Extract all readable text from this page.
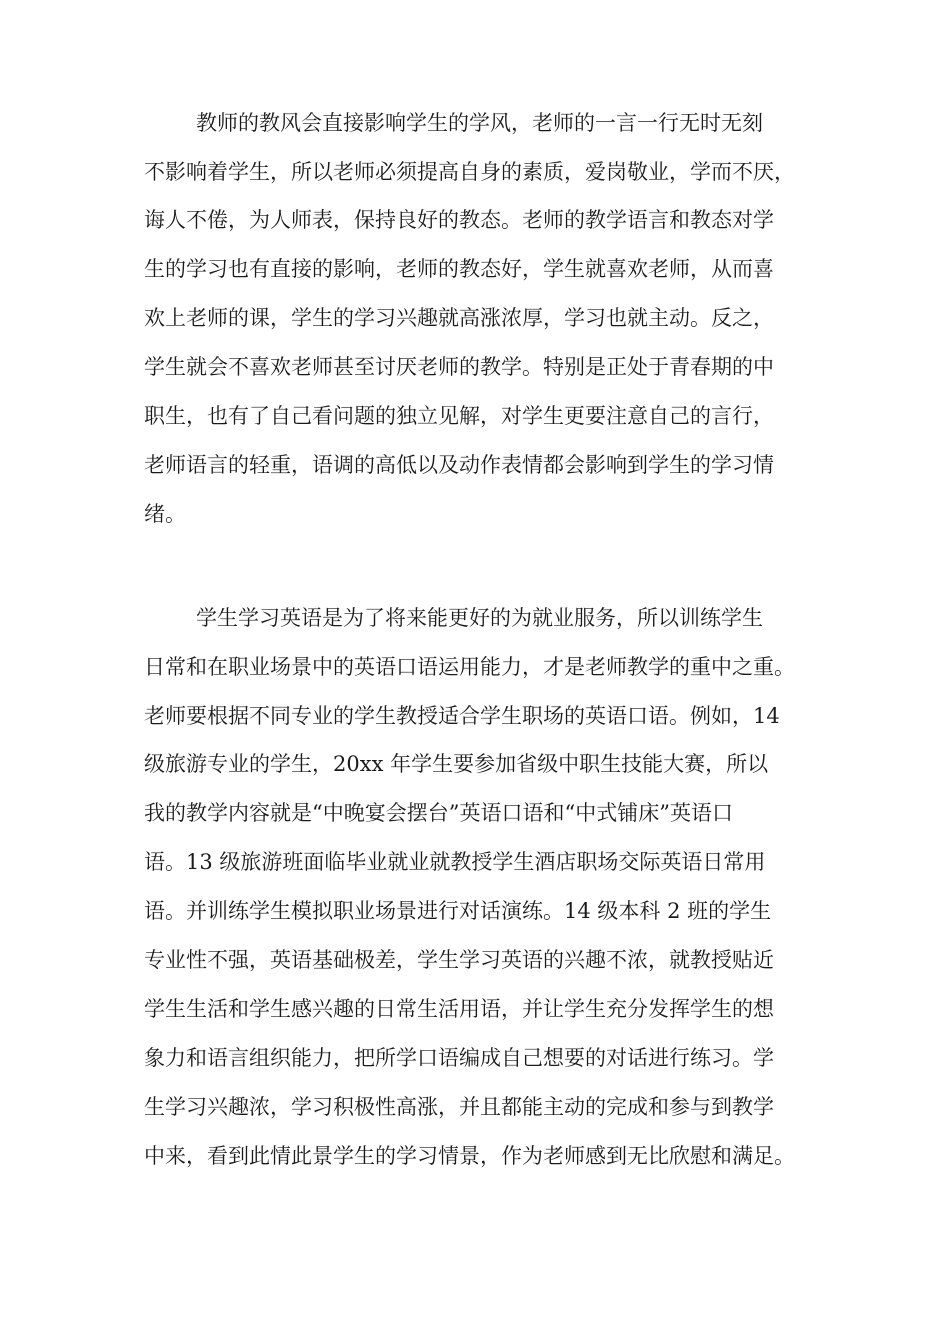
教师的教风会直接影响学生的学风，老师的一言一行无时无刻

不影响着学生，所以老师必须提高自身的素质，爱岗敬业，学而不厌，

诲人不倦，为人师表，保持良好的教态。老师的教学语言和教态对学

生的学习也有直接的影响，老师的教态好，学生就喜欢老师，从而喜

欢上老师的课，学生的学习兴趣就高涨浓厚，学习也就主动。反之，

学生就会不喜欢老师甚至讨厌老师的教学。特别是正处于青春期的中

职生，也有了自己看问题的独立见解，对学生更要注意自己的言行，

老师语言的轻重，语调的高低以及动作表情都会影响到学生的学习情

绪。

学生学习英语是为了将来能更好的为就业服务，所以训练学生

日常和在职业场景中的英语口语运用能力，才是老师教学的重中之重。

老师要根据不同专业的学生教授适合学生职场的英语口语。例如，14

级旅游专业的学生，20xx 年学生要参加省级中职生技能大赛，所以

我的教学内容就是“中晚宴会摆台”英语口语和“中式铺床”英语口

语。13 级旅游班面临毕业就业就教授学生酒店职场交际英语日常用

语。并训练学生模拟职业场景进行对话演练。14 级本科 2 班的学生

专业性不强，英语基础极差，学生学习英语的兴趣不浓，就教授贴近

学生生活和学生感兴趣的日常生活用语，并让学生充分发挥学生的想

象力和语言组织能力，把所学口语编成自己想要的对话进行练习。学

生学习兴趣浓，学习积极性高涨，并且都能主动的完成和参与到教学

中来，看到此情此景学生的学习情景，作为老师感到无比欣慰和满足。
